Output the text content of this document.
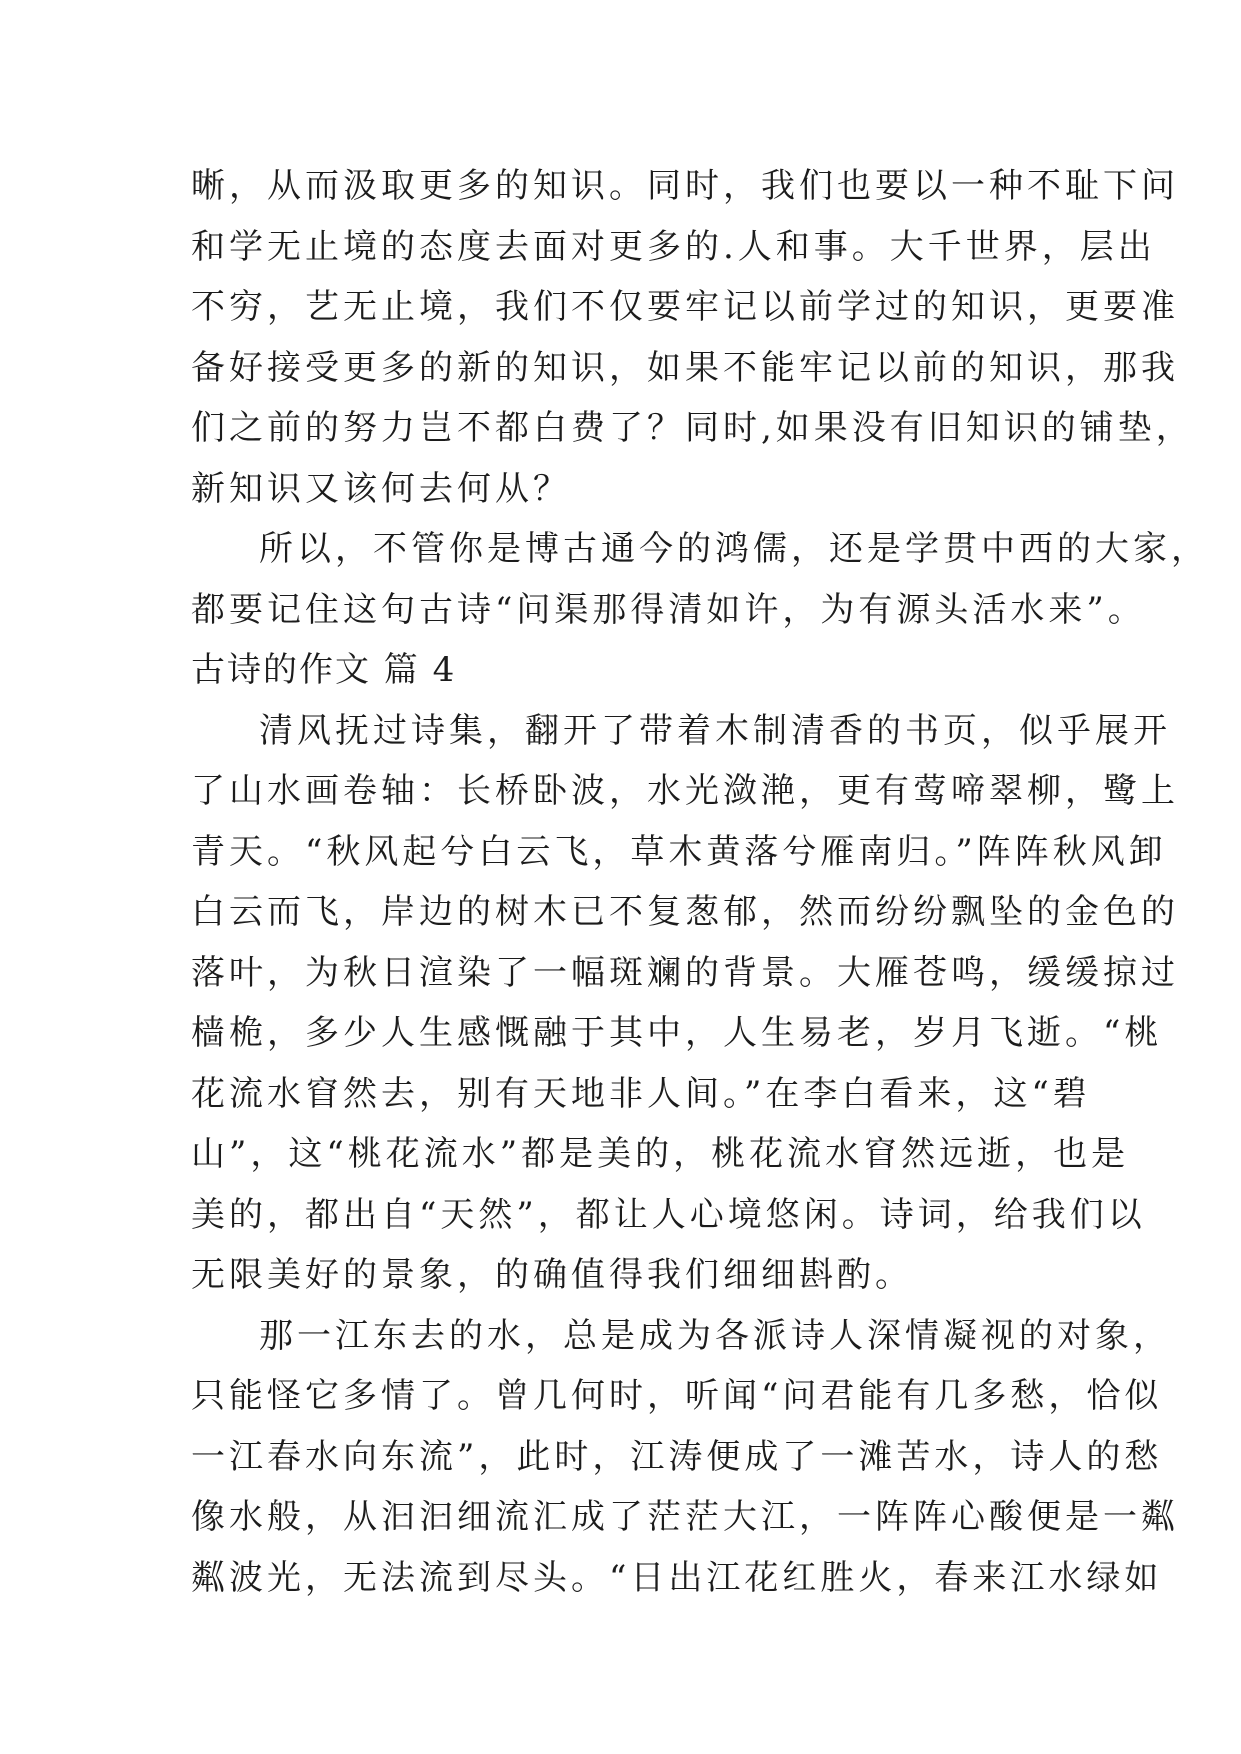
晰，从而汲取更多的知识。同时，我们也要以一种不耻下问
和学无止境的态度去面对更多的.人和事。大千世界，层出
不穷，艺无止境，我们不仅要牢记以前学过的知识，更要准
备好接受更多的新的知识，如果不能牢记以前的知识，那我
们之前的努力岂不都白费了？同时,如果没有旧知识的铺垫，
新知识又该何去何从？
所以，不管你是博古通今的鸿儒，还是学贯中西的大家，
都要记住这句古诗“问渠那得清如许，为有源头活水来”。
古诗的作文 篇 4
清风抚过诗集，翻开了带着木制清香的书页，似乎展开
了山水画卷轴：长桥卧波，水光潋滟，更有莺啼翠柳，鹭上
青天。“秋风起兮白云飞，草木黄落兮雁南归。”阵阵秋风卸
白云而飞，岸边的树木已不复葱郁，然而纷纷飘坠的金色的
落叶，为秋日渲染了一幅斑斓的背景。大雁苍鸣，缓缓掠过
樯桅，多少人生感慨融于其中，人生易老，岁月飞逝。“桃
花流水窅然去，别有天地非人间。”在李白看来，这“碧
山”，这“桃花流水”都是美的，桃花流水窅然远逝，也是
美的，都出自“天然”，都让人心境悠闲。诗词，给我们以
无限美好的景象，的确值得我们细细斟酌。
那一江东去的水，总是成为各派诗人深情凝视的对象，
只能怪它多情了。曾几何时，听闻“问君能有几多愁，恰似
一江春水向东流”，此时，江涛便成了一滩苦水，诗人的愁
像水般，从汩汩细流汇成了茫茫大江，一阵阵心酸便是一粼
粼波光，无法流到尽头。“日出江花红胜火，春来江水绿如
